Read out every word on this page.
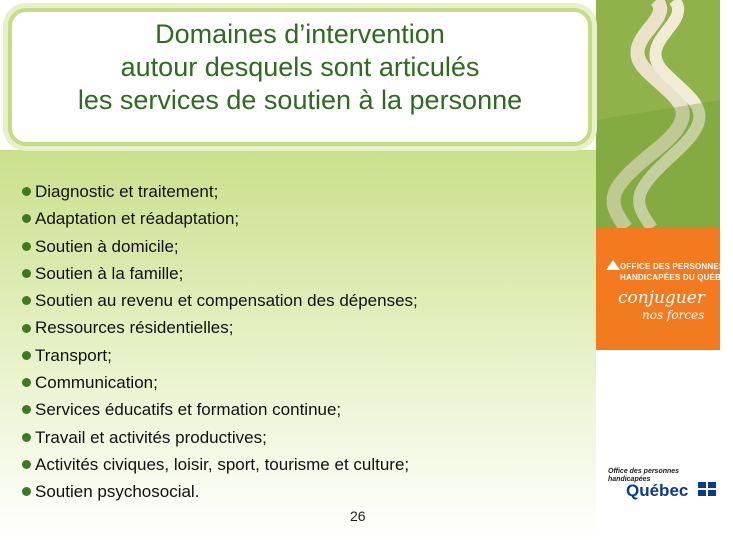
Domaines d’intervention
autour desquels sont articulés
les services de soutien à la personne
Diagnostic et traitement;
Adaptation et réadaptation;
Soutien à domicile;
Soutien à la famille;
Soutien au revenu et compensation des dépenses;
Ressources résidentielles;
Transport;
Communication;
Services éducatifs et formation continue;
Travail et activités productives;
Activités civiques, loisir, sport, tourisme et culture;
Soutien psychosocial.
26
OFFICE DES PERSONNES
HANDICAPÉES DU QUÉBEC
conjuguer
nos forces
Office des personnes
handicapées
Québec
